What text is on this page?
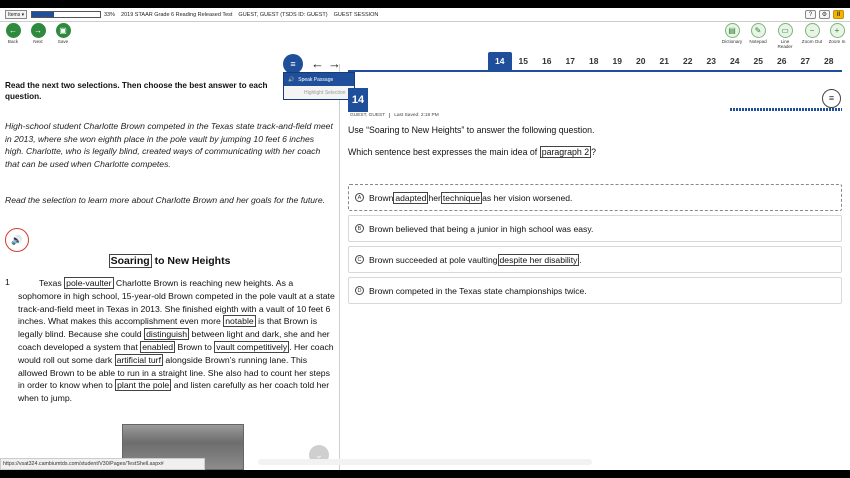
Items ▾	33% 2019 STAAR Grade 6 Reading Released Test GUEST, GUEST (TSDS ID: GUEST) GUEST SESSION	?	⚙	II
←
Back
→
Next
▣
Save
▤
Dictionary
✎
Notepad
▭
Line Reader
−
Zoom Out
+
Zoom In
14	15	16	17	18	19	20	21	22	23	24	25	26	27	28
Read the next two selections. Then choose the best answer to each question.
High-school student Charlotte Brown competed in the Texas state track-and-field meet in 2013, where she won eighth place in the pole vault by jumping 10 feet 6 inches high. Charlotte, who is legally blind, created ways of communicating with her coach that can be used when Charlotte competes.
Read the selection to learn more about Charlotte Brown and her goals for the future.
🔊
Soaring to New Heights
1	Texas pole-vaulter Charlotte Brown is reaching new heights. As a sophomore in high school, 15-year-old Brown competed in the pole vault at a state track-and-field meet in Texas in 2013. She finished eighth with a vault of 10 feet 6 inches. What makes this accomplishment even more notable is that Brown is legally blind. Because she could distinguish between light and dark, she and her coach developed a system that enabled Brown to vault competitively . Her coach would roll out some dark artificial turf alongside Brown’s running lane. This allowed Brown to be able to run in a straight line. She also had to count her steps in order to know when to plant the pole and listen carefully as her coach told her when to jump.
⌄
≡ ←→
🔊 Speak Passage
Highlight Selection
14	≡
GUEST, GUEST Last Saved: 2:18 PM
Use “Soaring to New Heights” to answer the following question.
Which sentence best expresses the main idea of paragraph 2 ?
A Brown adapted her technique as her vision worsened.
B Brown believed that being a junior in high school was easy.
C Brown succeeded at pole vaulting despite her disability .
D Brown competed in the Texas state championships twice.
https://vsat324.cambiumtds.com/student/V30/Pages/TestShell.aspx#
